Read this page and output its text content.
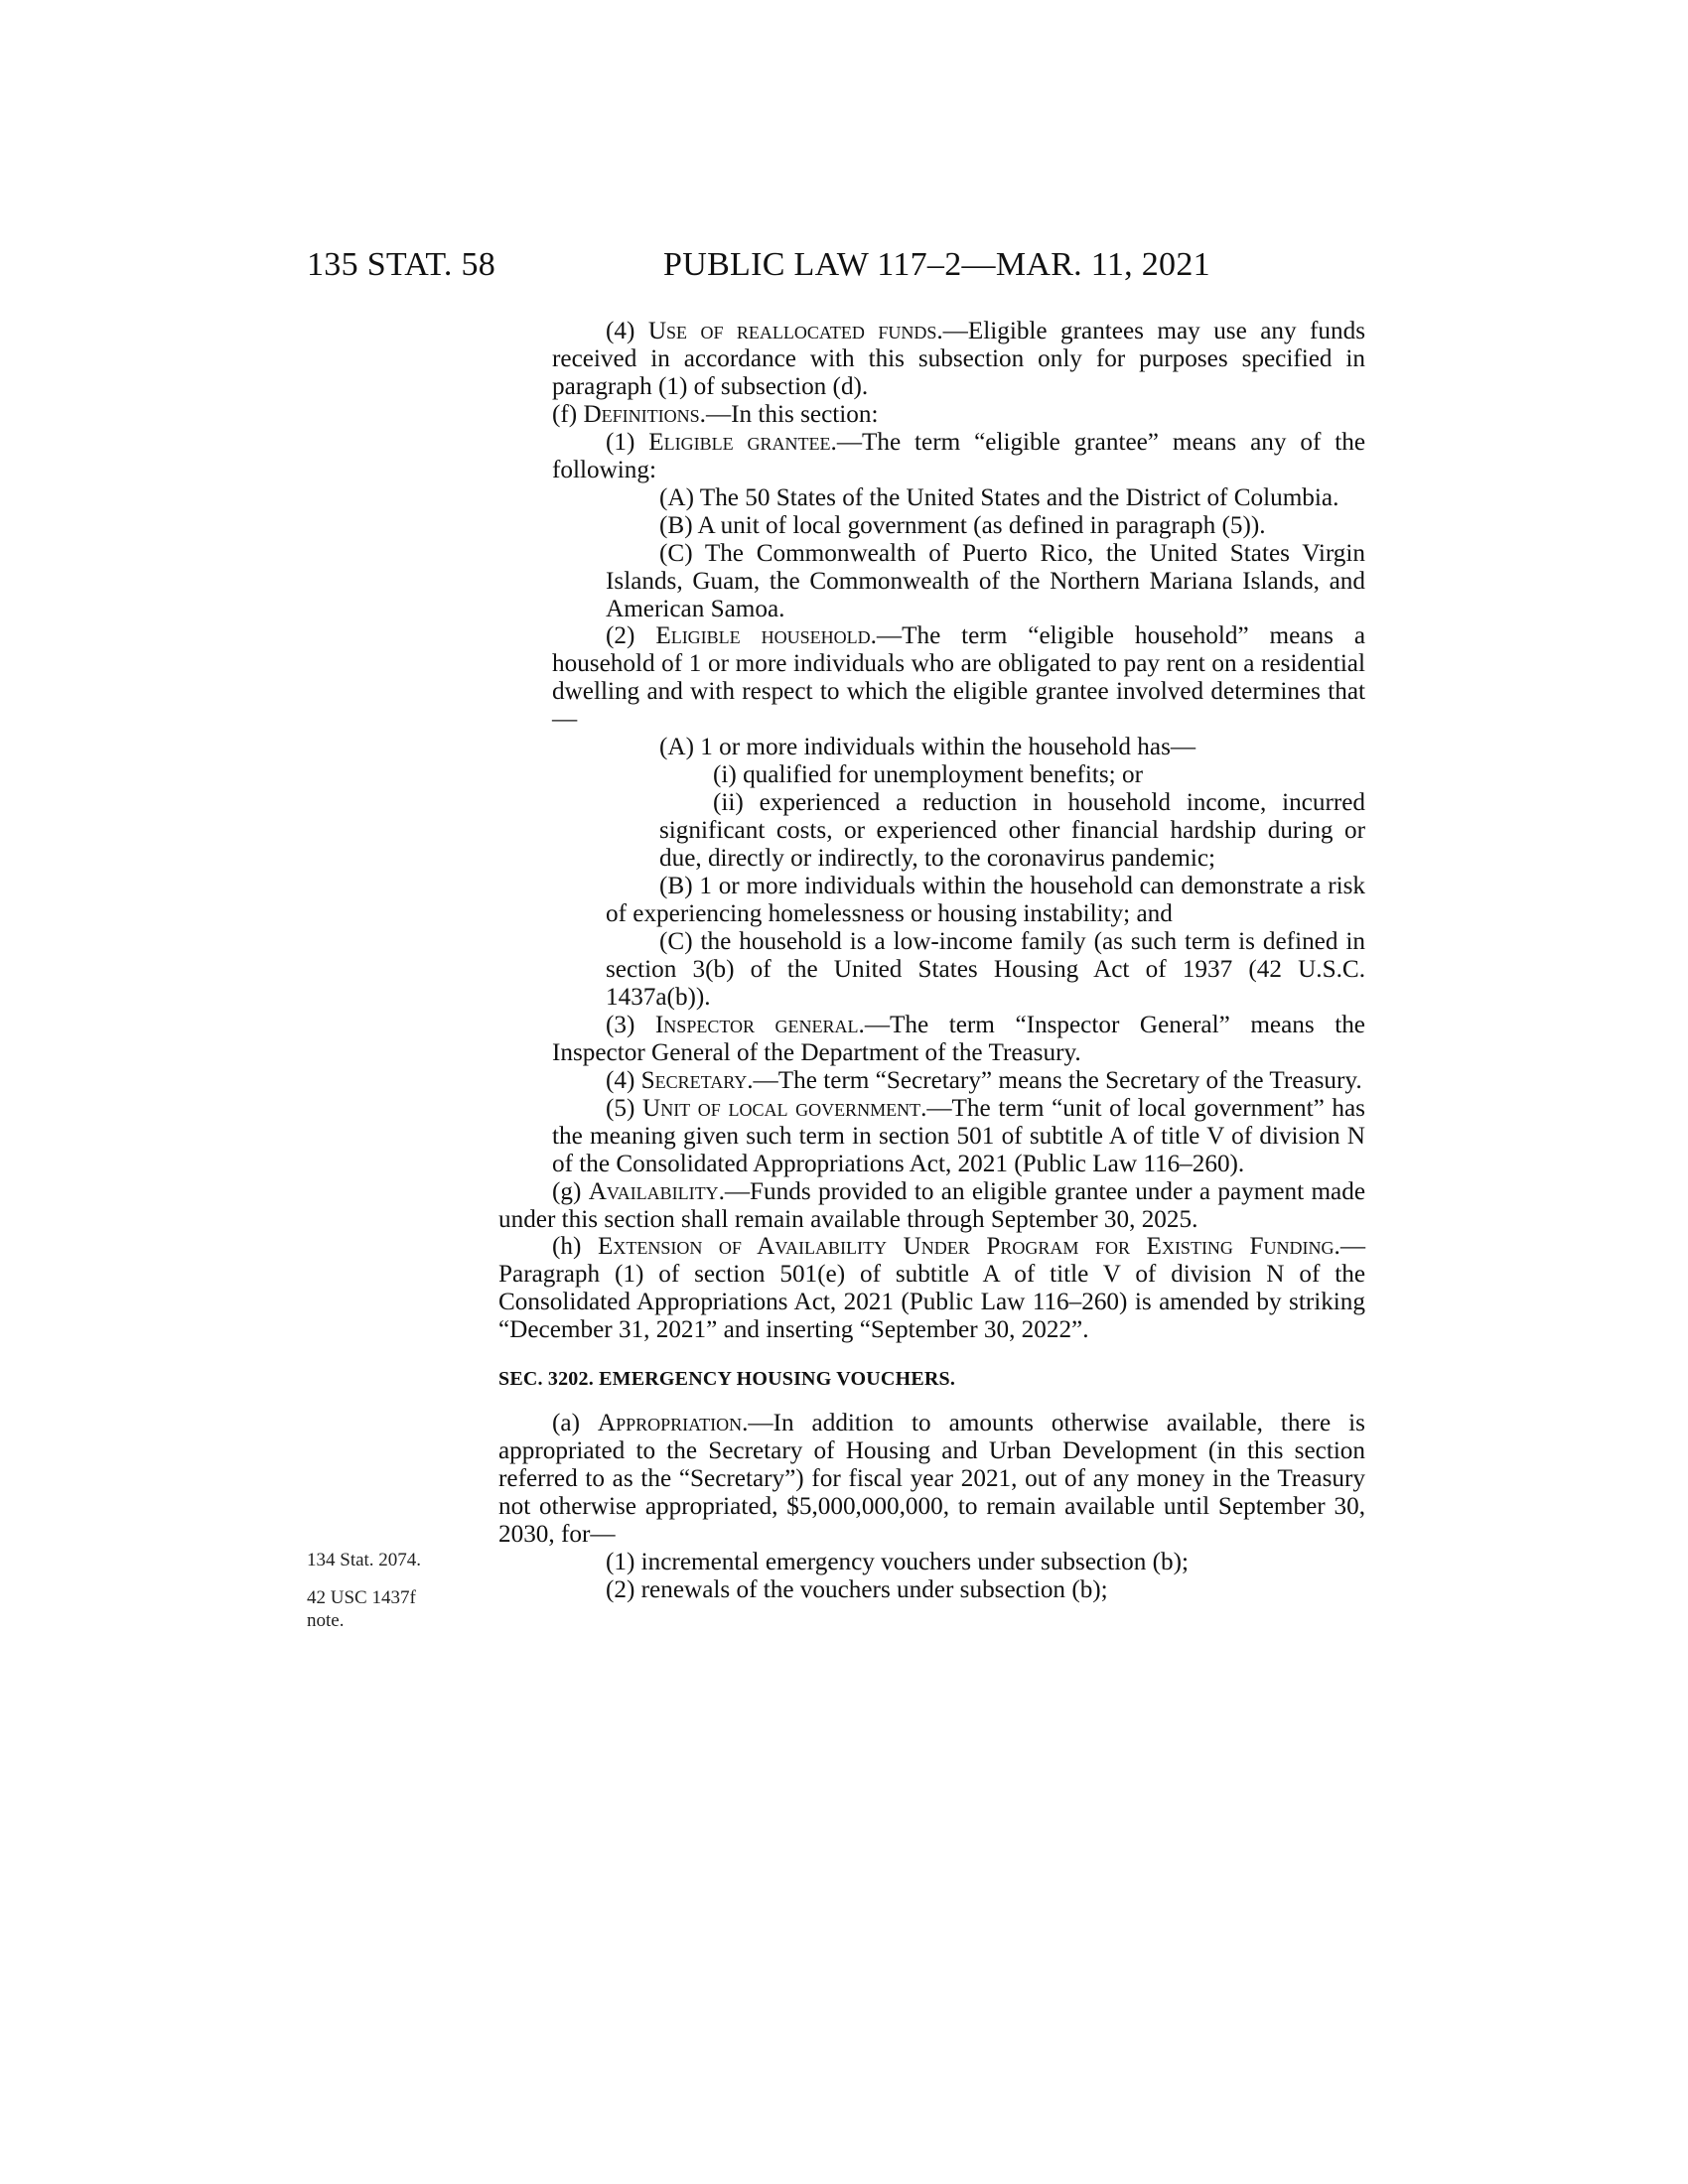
135 STAT. 58	PUBLIC LAW 117–2—MAR. 11, 2021
134 Stat. 2074.
42 USC 1437f
note.

(4) Use of reallocated funds.—Eligible grantees may use any funds received in accordance with this subsection only for purposes specified in paragraph (1) of subsection (d).

(f) Definitions.—In this section:

(1) Eligible grantee.—The term “eligible grantee” means any of the following:

(A) The 50 States of the United States and the District of Columbia.

(B) A unit of local government (as defined in paragraph (5)).

(C) The Commonwealth of Puerto Rico, the United States Virgin Islands, Guam, the Commonwealth of the Northern Mariana Islands, and American Samoa.

(2) Eligible household.—The term “eligible household” means a household of 1 or more individuals who are obligated to pay rent on a residential dwelling and with respect to which the eligible grantee involved determines that—

(A) 1 or more individuals within the household has—

(i) qualified for unemployment benefits; or

(ii) experienced a reduction in household income, incurred significant costs, or experienced other financial hardship during or due, directly or indirectly, to the coronavirus pandemic;

(B) 1 or more individuals within the household can demonstrate a risk of experiencing homelessness or housing instability; and

(C) the household is a low-income family (as such term is defined in section 3(b) of the United States Housing Act of 1937 (42 U.S.C. 1437a(b)).

(3) Inspector general.—The term “Inspector General” means the Inspector General of the Department of the Treasury.

(4) Secretary.—The term “Secretary” means the Secretary of the Treasury.

(5) Unit of local government.—The term “unit of local government” has the meaning given such term in section 501 of subtitle A of title V of division N of the Consolidated Appropriations Act, 2021 (Public Law 116–260).

(g) Availability.—Funds provided to an eligible grantee under a payment made under this section shall remain available through September 30, 2025.

(h) Extension of Availability Under Program for Existing Funding.—Paragraph (1) of section 501(e) of subtitle A of title V of division N of the Consolidated Appropriations Act, 2021 (Public Law 116–260) is amended by striking “December 31, 2021” and inserting “September 30, 2022”.

SEC. 3202. EMERGENCY HOUSING VOUCHERS.

(a) Appropriation.—In addition to amounts otherwise available, there is appropriated to the Secretary of Housing and Urban Development (in this section referred to as the “Secretary”) for fiscal year 2021, out of any money in the Treasury not otherwise appropriated, $5,000,000,000, to remain available until September 30, 2030, for—

(1) incremental emergency vouchers under subsection (b);

(2) renewals of the vouchers under subsection (b);
